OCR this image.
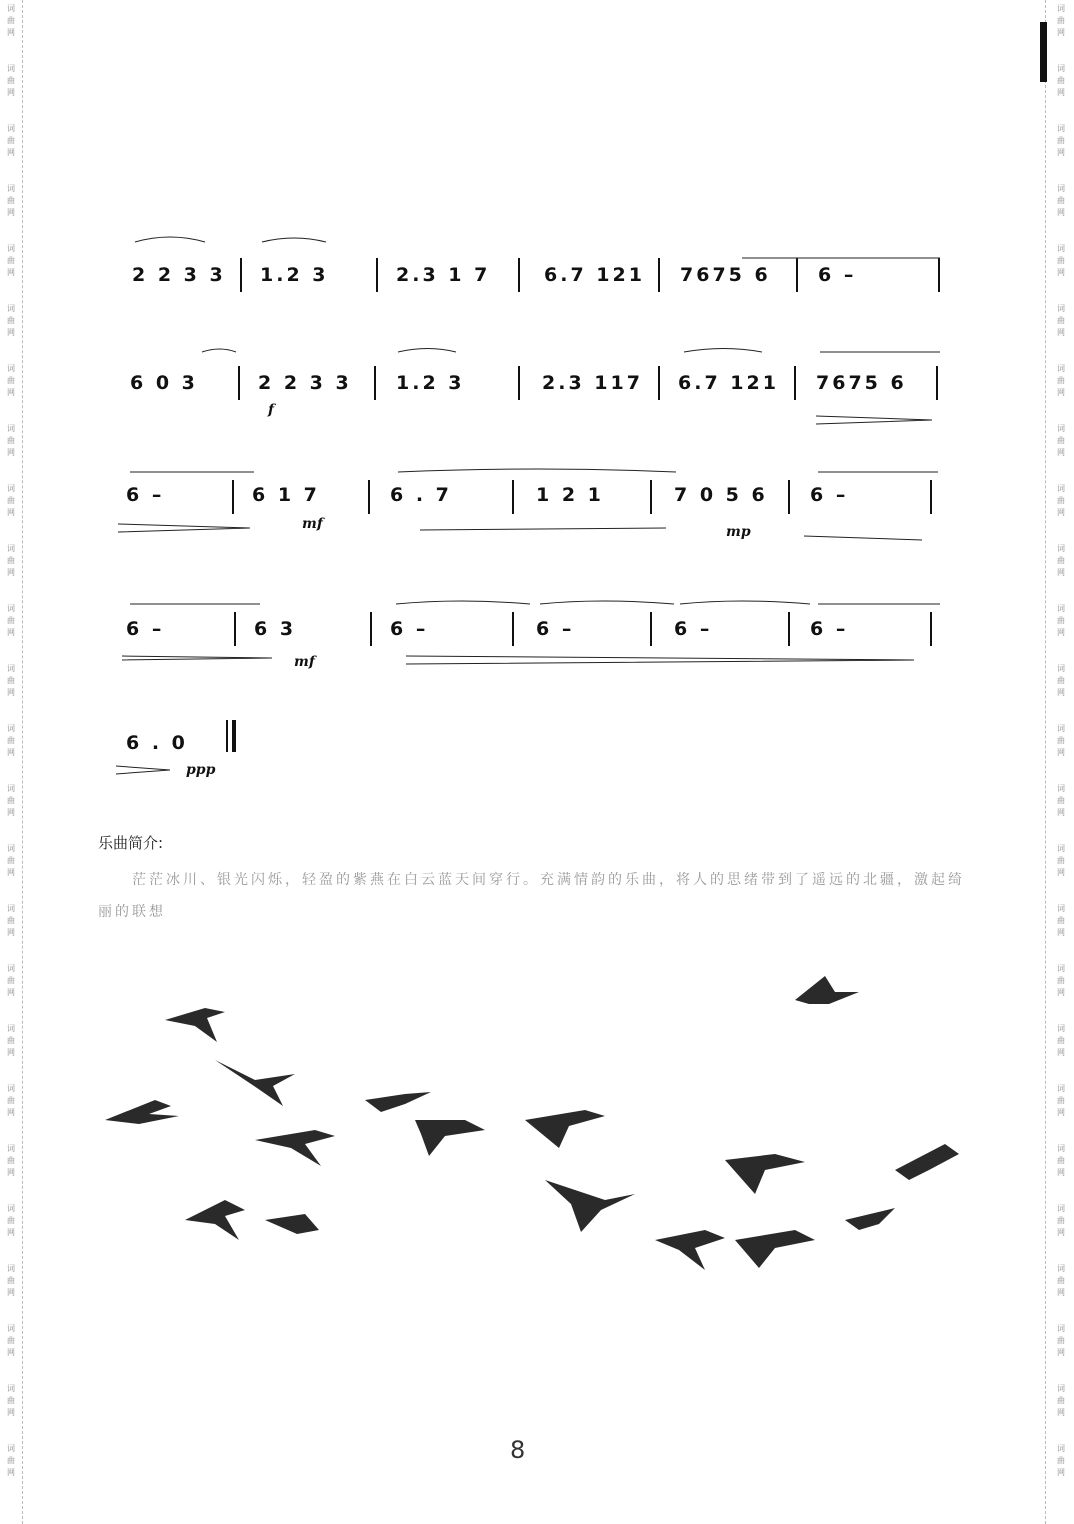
词
曲
网
词
曲
网
词
曲
网
词
曲
网
词
曲
网
词
曲
网
词
曲
网
词
曲
网
词
曲
网
词
曲
网
词
曲
网
词
曲
网
词
曲
网
词
曲
网
词
曲
网
词
曲
网
词
曲
网
词
曲
网
词
曲
网
词
曲
网
词
曲
网
词
曲
网
词
曲
网
词
曲
网
词
曲
网
词
曲
网
词
曲
网
词
曲
网
词
曲
网
词
曲
网
词
曲
网
词
曲
网
词
曲
网
词
曲
网
词
曲
网
词
曲
网
词
曲
网
词
曲
网
词
曲
网
词
曲
网
词
曲
网
词
曲
网
词
曲
网
词
曲
网
词
曲
网
词
曲
网
词
曲
网
词
曲
网
词
曲
网
词
曲
网
2 2 3 3 1.2 3	2.3 1 7	6.7 121 7675 6 6 –
6 0 3	2 2 3 3 1.2 3	2.3 117 6.7 121 7675 6
f
6 –	6 1 7	6 . 7	1 2 1	7 0 5 6 6 –
mf	mp
6 –	6 3	6 –	6 –	6 –	6 –
mf
6 . 0
ppp
乐曲简介:
茫茫冰川、银光闪烁，轻盈的紫燕在白云蓝天间穿行。充满情韵的乐曲，将人的思绪带到了遥远的北疆，激起绮丽的联想
8
